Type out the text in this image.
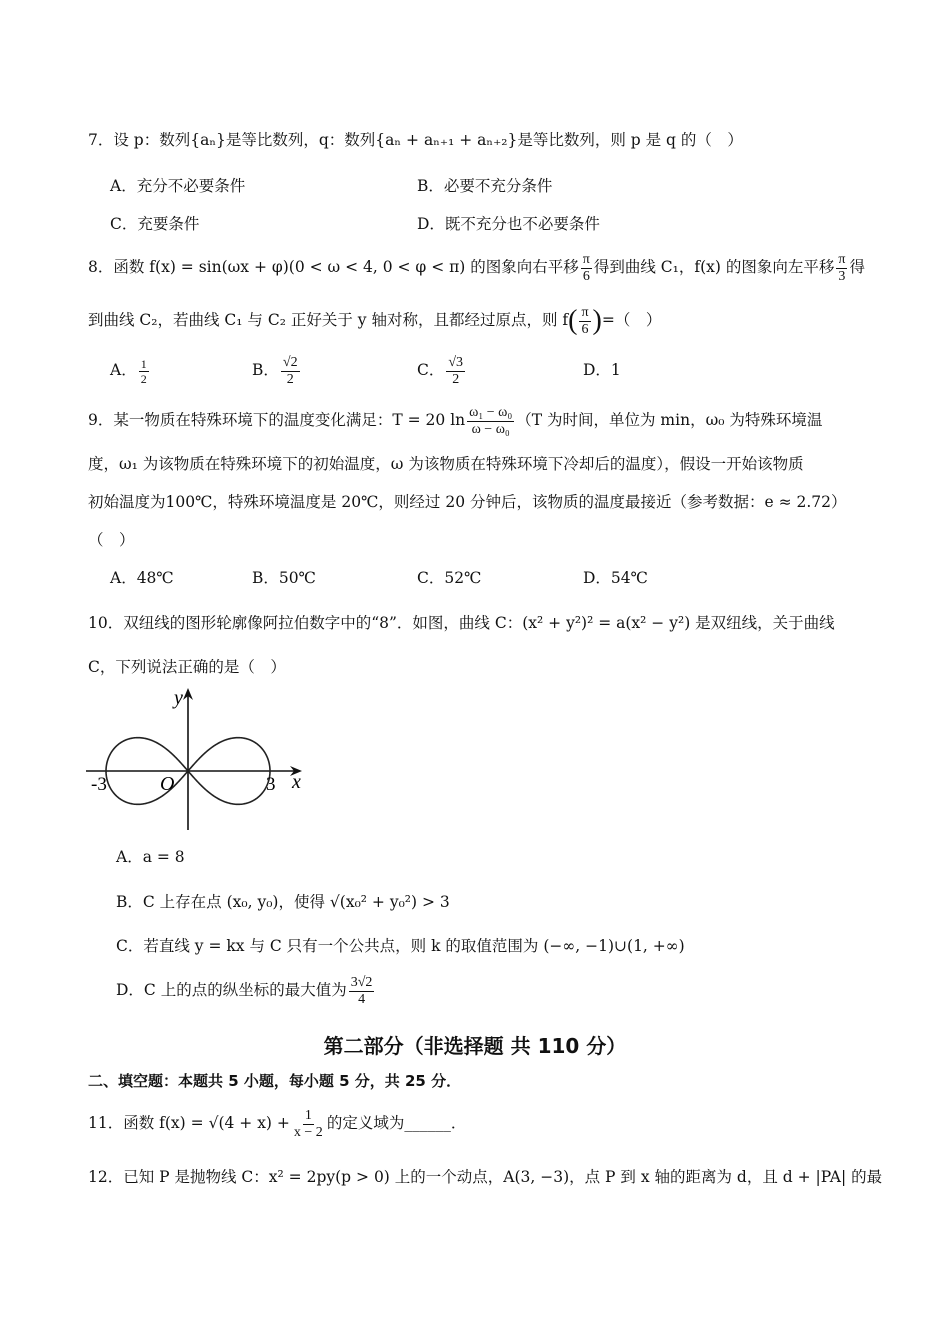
7．设 p：数列{aₙ}是等比数列，q：数列{aₙ + aₙ₊₁ + aₙ₊₂}是等比数列，则 p 是 q 的（　）
A．充分不必要条件	B．必要不充分条件
C．充要条件	D．既不充分也不必要条件
8．函数 f(x) = sin(ωx + φ)(0 < ω < 4, 0 < φ < π) 的图象向右平移 $\frac{\pi}{6}$ 得到曲线 C₁，f(x) 的图象向左平移 $\frac{\pi}{3}$ 得
到曲线 C₂，若曲线 C₁ 与 C₂ 正好关于 y 轴对称，且都经过原点，则 $f( \frac{\pi}{6}$ )=（　）
A． $\frac{1}{2}$	B． $\frac{√2}{2}$	C． $\frac{√3}{2}$	D．1
9．某一物质在特殊环境下的温度变化满足：T = 20 $\ln \frac{\text{ω₁ − ω₀}}{\text{ω − ω₀}} (T$ 为时间，单位为 min，ω₀ 为特殊环境温
度，ω₁ 为该物质在特殊环境下的初始温度，ω 为该物质在特殊环境下冷却后的温度），假设一开始该物质
初始温度为100℃，特殊环境温度是 20℃，则经过 20 分钟后，该物质的温度最接近（参考数据：e ≈ 2.72）
（　）
A．48℃	B．50℃	C．52℃	D．54℃
10．双纽线的图形轮廓像阿拉伯数字中的“8”．如图，曲线 C：(x² + y²)² = a(x² − y²) 是双纽线，关于曲线
C，下列说法正确的是（　）
y
x
O
-3	3
A．a = 8
B．C 上存在点 (x₀, y₀)，使得 √(x₀² + y₀²) > 3
C．若直线 y = kx 与 C 只有一个公共点，则 k 的取值范围为 (−∞, −1)∪(1, +∞)
D．C 上的点的纵坐标的最大值为 $\frac{3√2}{4}$
第二部分（非选择题 共 110 分）
二、填空题：本题共 5 小题，每小题 5 分，共 25 分．
11．函数 $f(x) = √(4 + x) + \frac{1}{x - 2}$ 的定义域为______．
12．已知 P 是抛物线 C：x² = 2py(p > 0) 上的一个动点，A(3, −3)，点 P 到 x 轴的距离为 d，且 d + |PA| 的最
